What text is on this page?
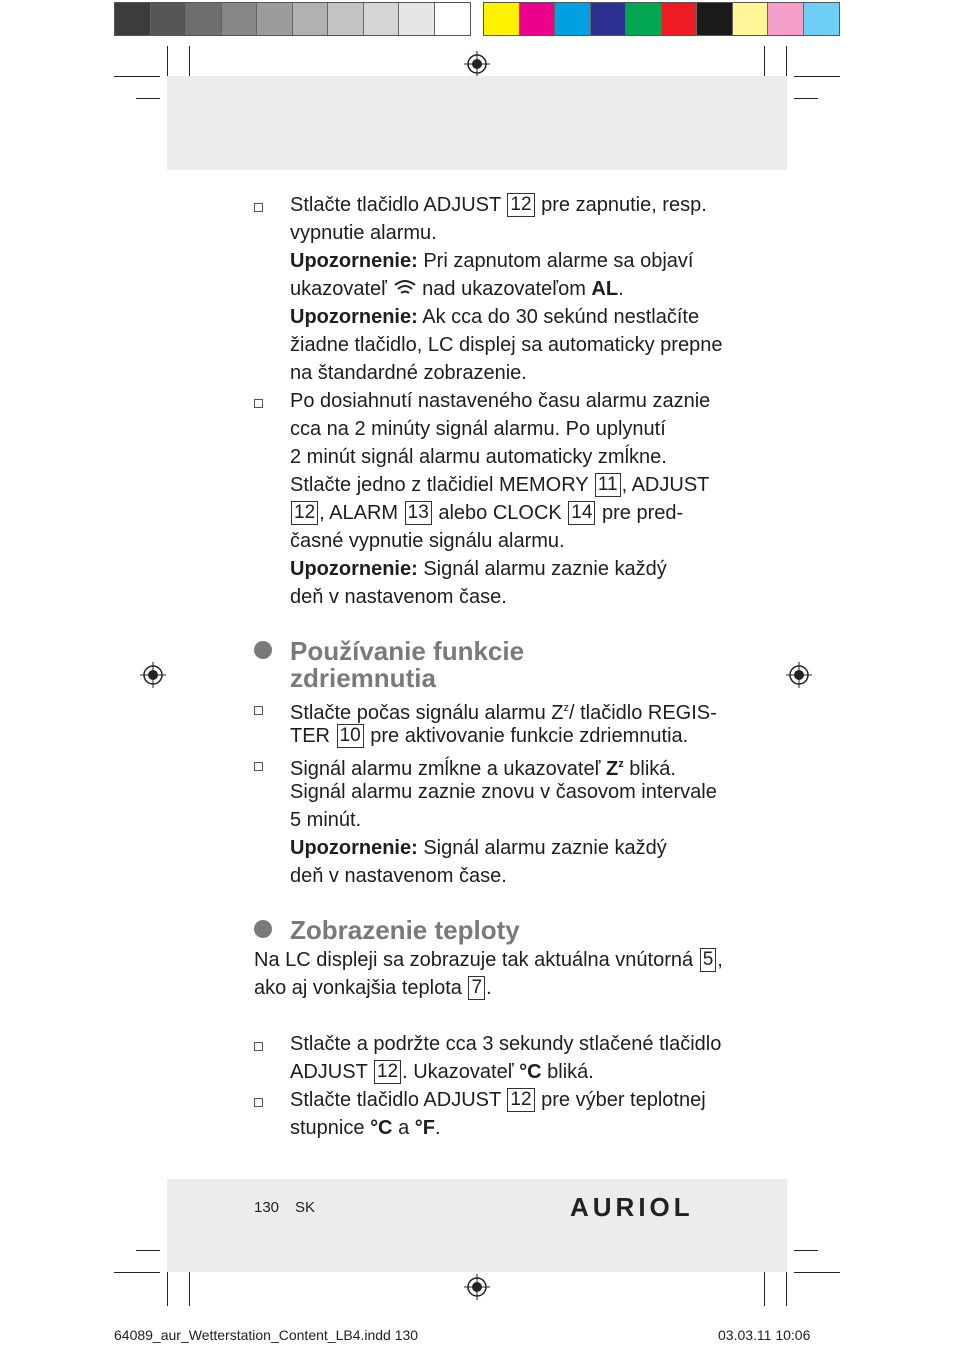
Stlačte tlačidlo ADJUST 12 pre zapnutie, resp.
vypnutie alarmu.
Upozornenie: Pri zapnutom alarme sa objaví
ukazovateľ nad ukazovateľom AL.
Upozornenie: Ak cca do 30 sekúnd nestlačíte
žiadne tlačidlo, LC displej sa automaticky prepne
na štandardné zobrazenie.
Po dosiahnutí nastaveného času alarmu zaznie
cca na 2 minúty signál alarmu. Po uplynutí
2 minút signál alarmu automaticky zmĺkne.
Stlačte jedno z tlačidiel MEMORY 11 , ADJUST
12 , ALARM 13 alebo CLOCK 14 pre pred-
časné vypnutie signálu alarmu.
Upozornenie: Signál alarmu zaznie každý
deň v nastavenom čase.
Používanie funkcie
zdriemnutia
Stlačte počas signálu alarmu $Z^z/$ tlačidlo REGIS-
TER 10 pre aktivovanie funkcie zdriemnutia.
Signál alarmu zmĺkne a ukazovateľ $Z^z$ bliká.
Signál alarmu zaznie znovu v časovom intervale
5 minút.
Upozornenie: Signál alarmu zaznie každý
deň v nastavenom čase.
Zobrazenie teploty
Na LC displeji sa zobrazuje tak aktuálna vnútorná 5 ,
ako aj vonkajšia teplota 7 .
Stlačte a podržte cca 3 sekundy stlačené tlačidlo
ADJUST 12 . Ukazovateľ °C bliká.
Stlačte tlačidlo ADJUST 12 pre výber teplotnej
stupnice °C a °F.
130 SK	AURIOL
64089_aur_Wetterstation_Content_LB4.indd 130	03.03.11 10:06
